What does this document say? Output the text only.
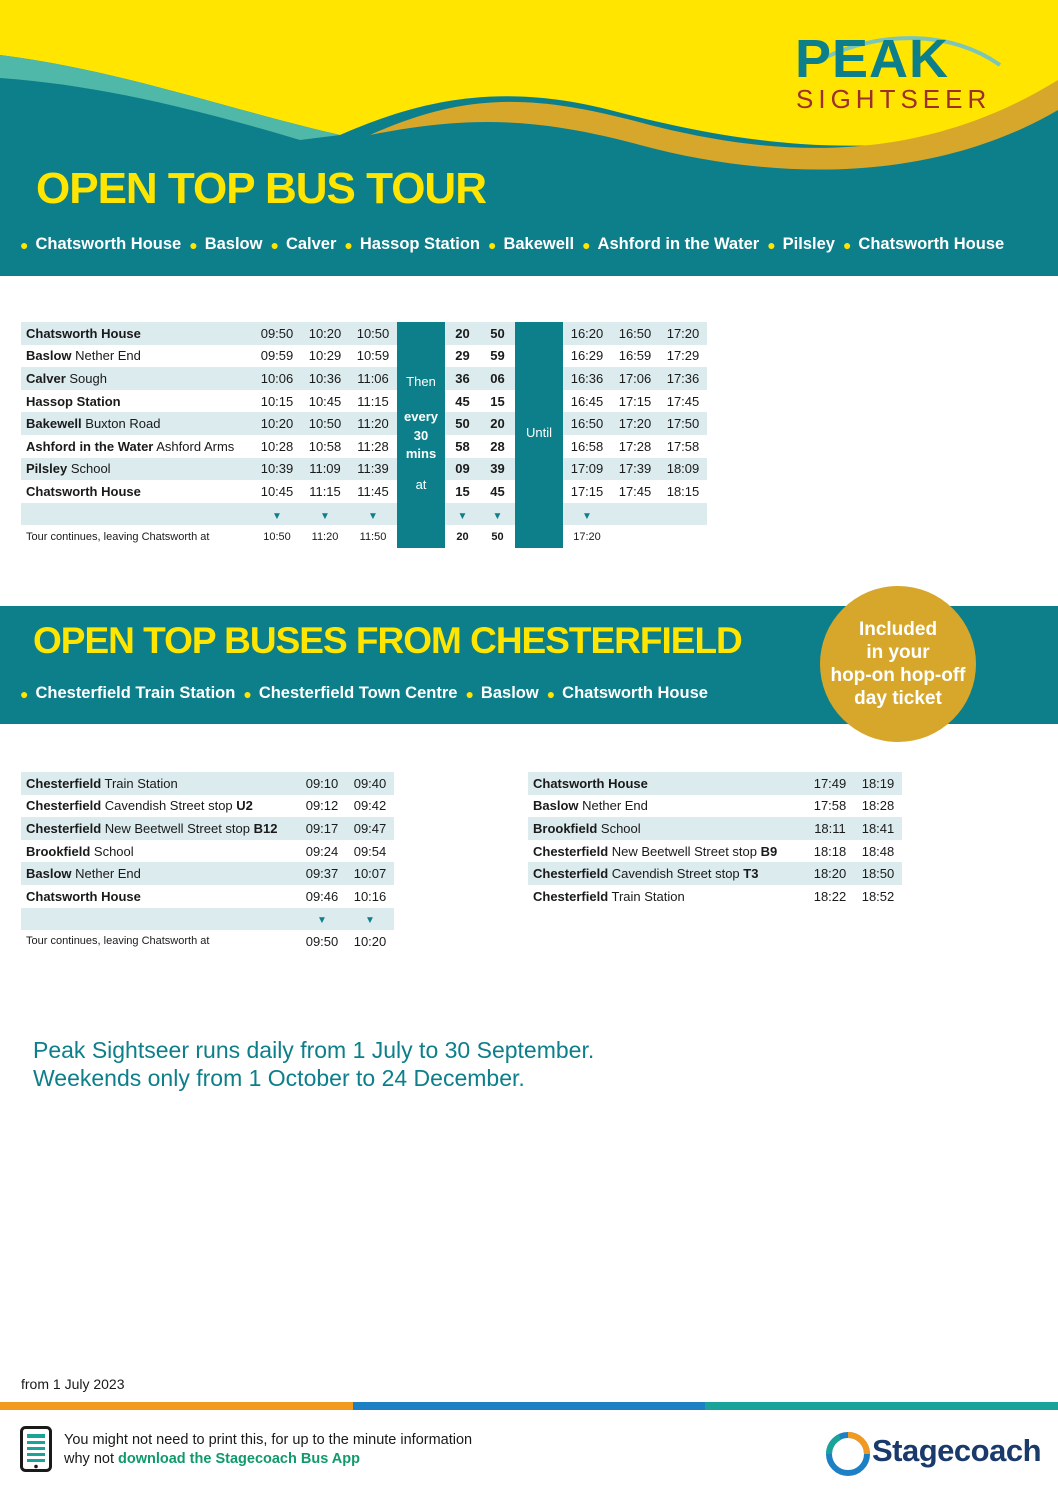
PEAK
SIGHTSEER
OPEN TOP BUS TOUR
● Chatsworth House ● Baslow ● Calver ● Hassop Station ● Bakewell ● Ashford in the Water ● Pilsley ● Chatsworth House
Chatsworth House	09:50	10:20	10:50		20	50		16:20	16:50	17:20
Baslow Nether End	09:59	10:29	10:59		29	59		16:29	16:59	17:29
Calver Sough	10:06	10:36	11:06		36	06		16:36	17:06	17:36
Hassop Station	10:15	10:45	11:15		45	15		16:45	17:15	17:45
Bakewell Buxton Road	10:20	10:50	11:20		50	20		16:50	17:20	17:50
Ashford in the Water Ashford Arms	10:28	10:58	11:28		58	28		16:58	17:28	17:58
Pilsley School	10:39	11:09	11:39		09	39		17:09	17:39	18:09
Chatsworth House	10:45	11:15	11:45		15	45		17:15	17:45	18:15
	▼	▼	▼		▼	▼		▼		
Tour continues, leaving Chatsworth at	10:50	11:20	11:50		20	50		17:20		
Then
every
30
mins
at
Until
OPEN TOP BUSES FROM CHESTERFIELD
● Chesterfield Train Station ● Chesterfield Town Centre ● Baslow ● Chatsworth House
Included
in your
hop-on hop-off
day ticket
Chesterfield Train Station	09:10	09:40
Chesterfield Cavendish Street stop U2	09:12	09:42
Chesterfield New Beetwell Street stop B12	09:17	09:47
Brookfield School	09:24	09:54
Baslow Nether End	09:37	10:07
Chatsworth House	09:46	10:16
	▼	▼
Tour continues, leaving Chatsworth at	09:50	10:20
Chatsworth House	17:49	18:19
Baslow Nether End	17:58	18:28
Brookfield School	18:11	18:41
Chesterfield New Beetwell Street stop B9	18:18	18:48
Chesterfield Cavendish Street stop T3	18:20	18:50
Chesterfield Train Station	18:22	18:52
Peak Sightseer runs daily from 1 July to 30 September.
Weekends only from 1 October to 24 December.
from 1 July 2023
You might not need to print this, for up to the minute information
why not download the Stagecoach Bus App	Stagecoach
